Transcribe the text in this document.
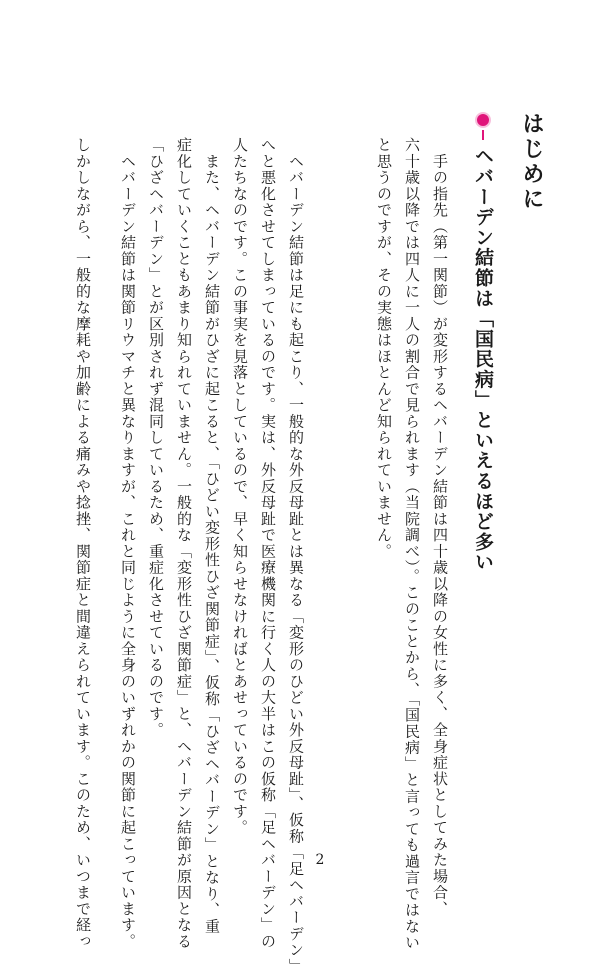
はじめに
ヘバーデン結節は「国民病」といえるほど多い
　手の指先（第一関節）が変形するヘバーデン結節は四十歳以降の女性に多く、全身症状としてみた場合、
六十歳以降では四人に一人の割合で見られます（当院調べ）。このことから、「国民病」と言っても過言ではない
と思うのですが、その実態はほとんど知られていません。
　ヘバーデン結節は足にも起こり、一般的な外反母趾とは異なる「変形のひどい外反母趾」、仮称「足ヘバーデン」
へと悪化させてしまっているのです。実は、外反母趾で医療機関に行く人の大半はこの仮称「足ヘバーデン」の
人たちなのです。この事実を見落としているので、早く知らせなければとあせっているのです。
　また、ヘバーデン結節がひざに起こると、「ひどい変形性ひざ関節症」、仮称「ひざヘバーデン」となり、重
症化していくこともあまり知られていません。一般的な「変形性ひざ関節症」と、ヘバーデン結節が原因となる
「ひざヘバーデン」とが区別されず混同しているため、重症化させているのです。
　ヘバーデン結節は関節リウマチと異なりますが、これと同じように全身のいずれかの関節に起こっています。
しかしながら、一般的な摩耗や加齢による痛みや捻挫、関節症と間違えられています。このため、いつまで経っ	2
